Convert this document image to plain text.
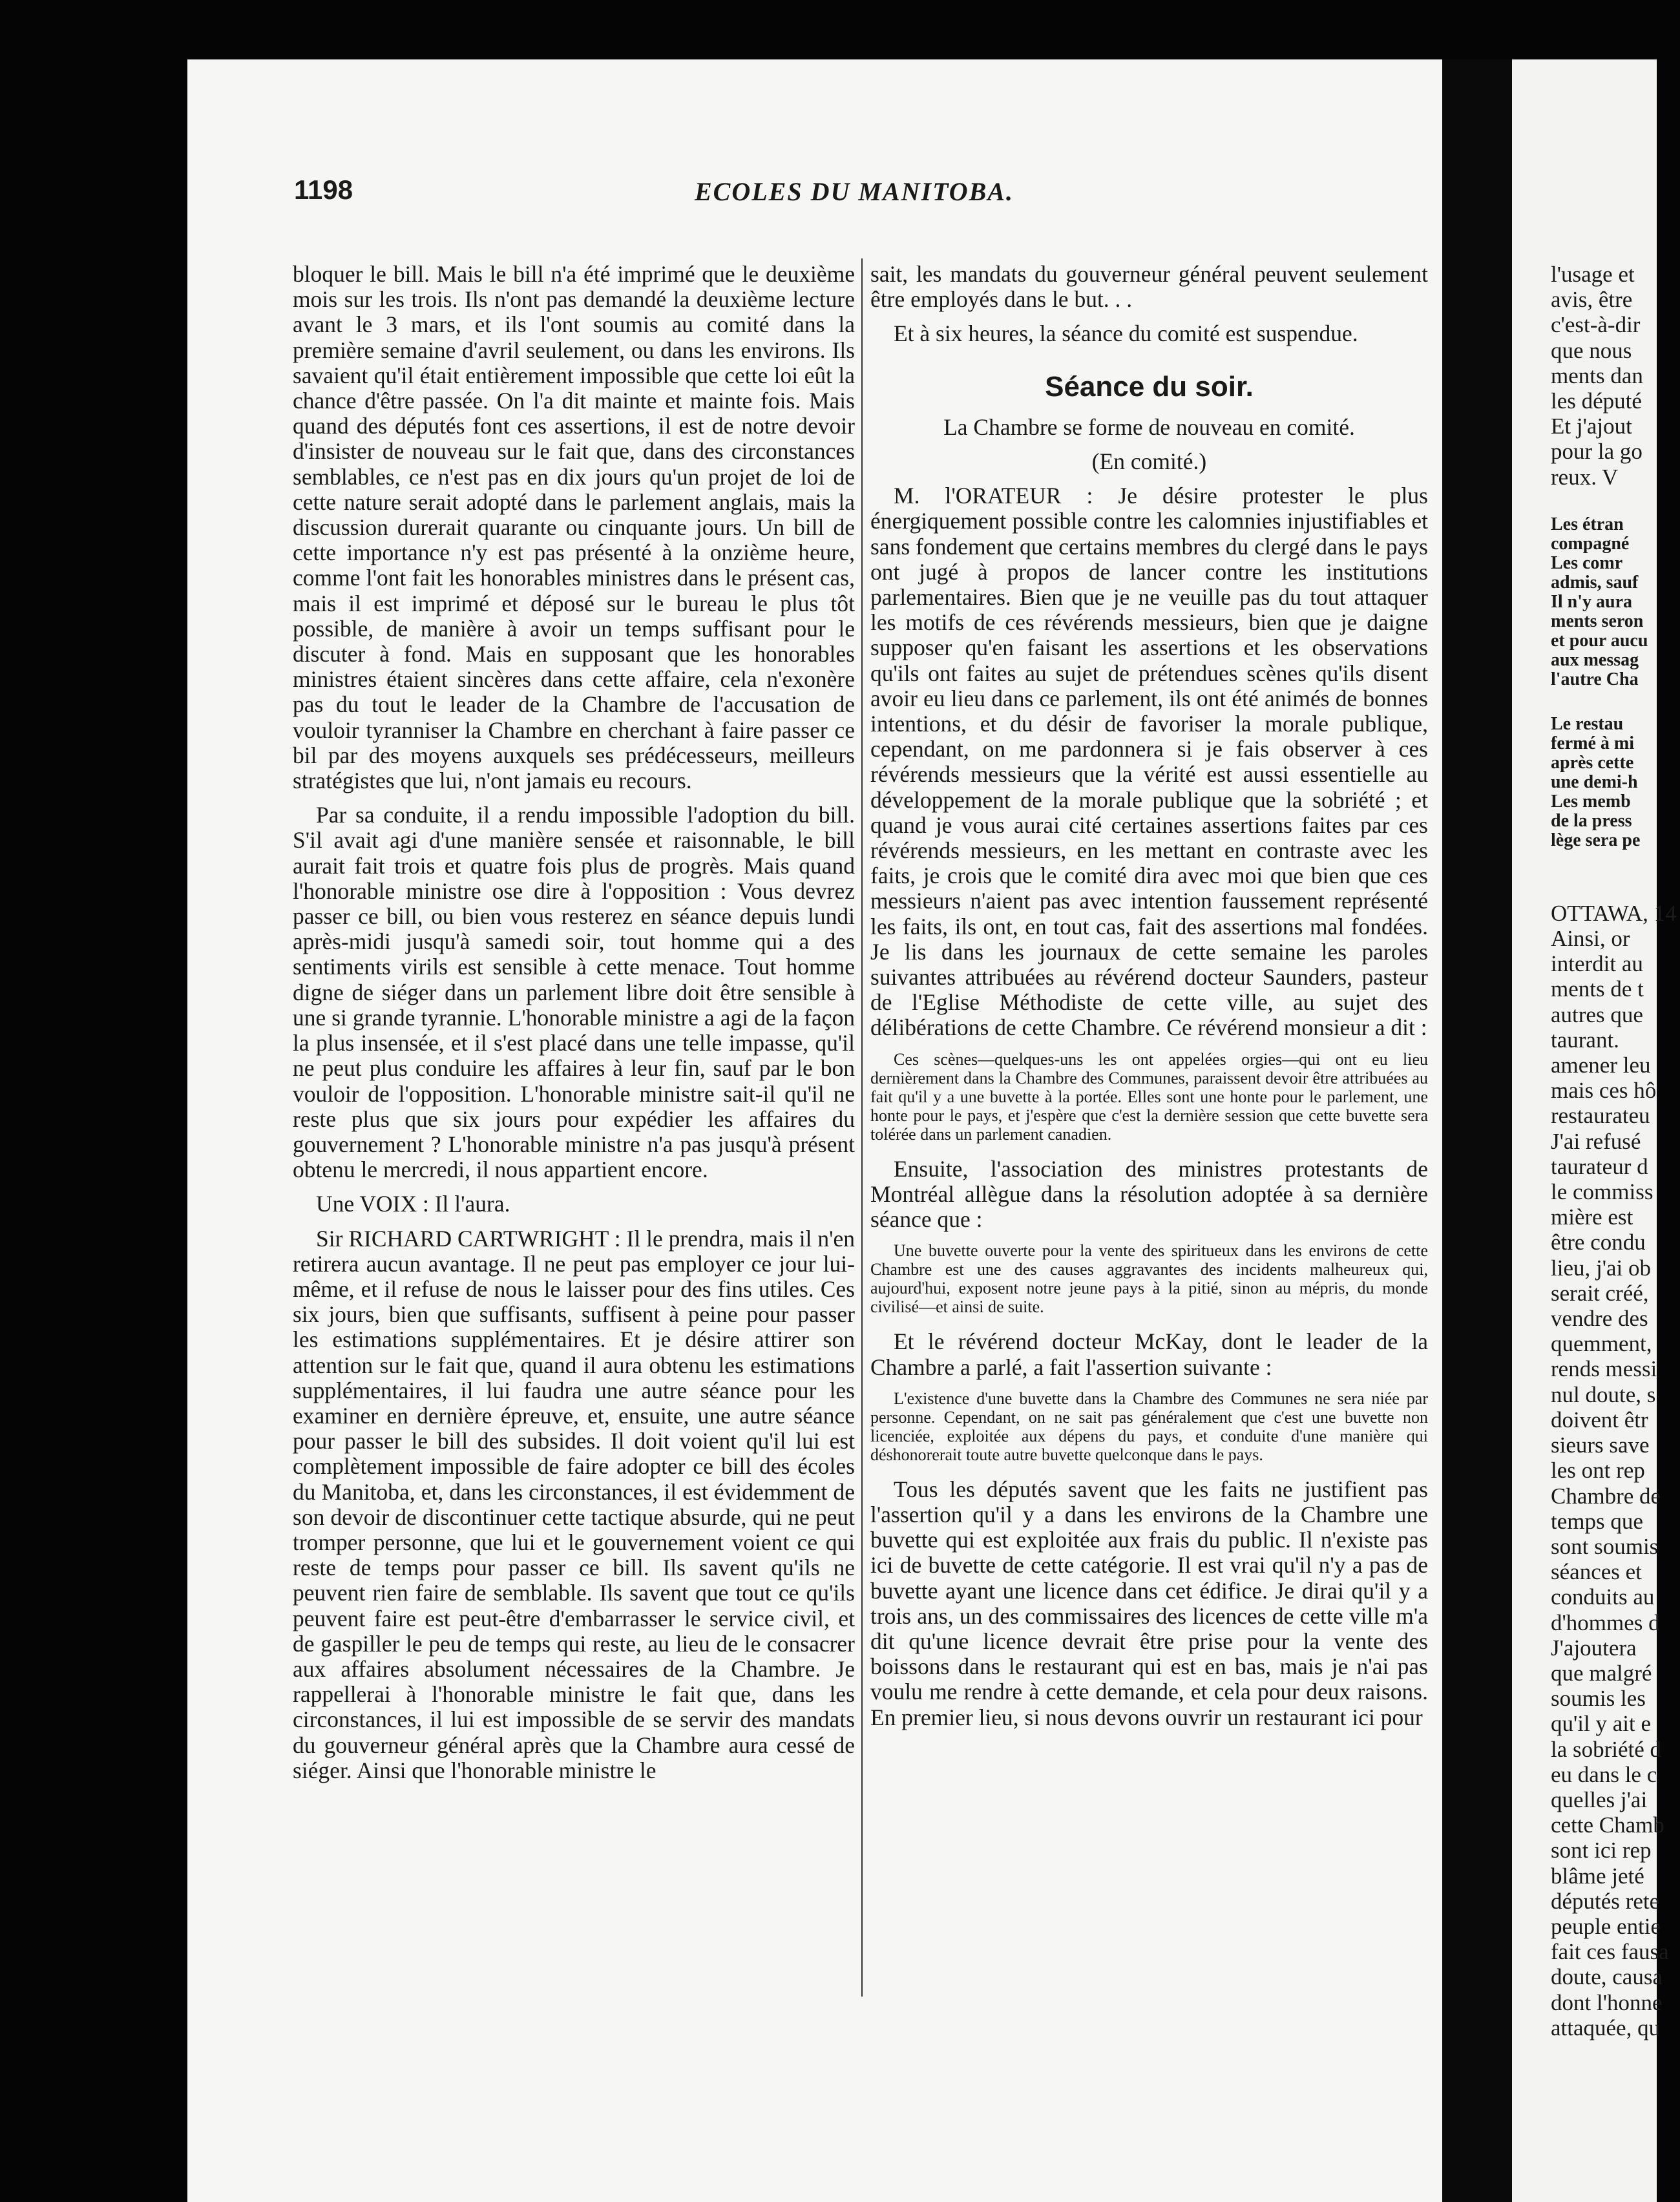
1198	ECOLES DU MANITOBA.

bloquer le bill. Mais le bill n'a été imprimé que le deuxième mois sur les trois. Ils n'ont pas demandé la deuxième lecture avant le 3 mars, et ils l'ont soumis au comité dans la première semaine d'avril seulement, ou dans les environs. Ils savaient qu'il était entièrement impossible que cette loi eût la chance d'être passée. On l'a dit mainte et mainte fois. Mais quand des députés font ces assertions, il est de notre devoir d'insister de nouveau sur le fait que, dans des circonstances semblables, ce n'est pas en dix jours qu'un projet de loi de cette nature serait adopté dans le parlement anglais, mais la discussion durerait quarante ou cinquante jours. Un bill de cette importance n'y est pas présenté à la onzième heure, comme l'ont fait les honorables ministres dans le présent cas, mais il est imprimé et déposé sur le bureau le plus tôt possible, de manière à avoir un temps suffisant pour le discuter à fond. Mais en supposant que les honorables ministres étaient sincères dans cette affaire, cela n'exonère pas du tout le leader de la Chambre de l'accusation de vouloir tyranniser la Chambre en cherchant à faire passer ce bil par des moyens auxquels ses prédécesseurs, meilleurs stratégistes que lui, n'ont jamais eu recours.

Par sa conduite, il a rendu impossible l'adoption du bill. S'il avait agi d'une manière sensée et raisonnable, le bill aurait fait trois et quatre fois plus de progrès. Mais quand l'honorable ministre ose dire à l'opposition : Vous devrez passer ce bill, ou bien vous resterez en séance depuis lundi après-midi jusqu'à samedi soir, tout homme qui a des sentiments virils est sensible à cette menace. Tout homme digne de siéger dans un parlement libre doit être sensible à une si grande tyrannie. L'honorable ministre a agi de la façon la plus insensée, et il s'est placé dans une telle impasse, qu'il ne peut plus conduire les affaires à leur fin, sauf par le bon vouloir de l'opposition. L'honorable ministre sait-il qu'il ne reste plus que six jours pour expédier les affaires du gouvernement ? L'honorable ministre n'a pas jusqu'à présent obtenu le mercredi, il nous appartient encore.

Une VOIX : Il l'aura.

Sir RICHARD CARTWRIGHT : Il le prendra, mais il n'en retirera aucun avantage. Il ne peut pas employer ce jour lui-même, et il refuse de nous le laisser pour des fins utiles. Ces six jours, bien que suffisants, suffisent à peine pour passer les estimations supplémentaires. Et je désire attirer son attention sur le fait que, quand il aura obtenu les estimations supplémentaires, il lui faudra une autre séance pour les examiner en dernière épreuve, et, ensuite, une autre séance pour passer le bill des subsides. Il doit voient qu'il lui est complètement impossible de faire adopter ce bill des écoles du Manitoba, et, dans les circonstances, il est évidemment de son devoir de discontinuer cette tactique absurde, qui ne peut tromper personne, que lui et le gouvernement voient ce qui reste de temps pour passer ce bill. Ils savent qu'ils ne peuvent rien faire de semblable. Ils savent que tout ce qu'ils peuvent faire est peut-être d'embarrasser le service civil, et de gaspiller le peu de temps qui reste, au lieu de le consacrer aux affaires absolument nécessaires de la Chambre. Je rappellerai à l'honorable ministre le fait que, dans les circonstances, il lui est impossible de se servir des mandats du gouverneur général après que la Chambre aura cessé de siéger. Ainsi que l'honorable ministre le

sait, les mandats du gouverneur général peuvent seulement être employés dans le but. . .

Et à six heures, la séance du comité est suspendue.

Séance du soir.

La Chambre se forme de nouveau en comité.

(En comité.)

M. l'ORATEUR : Je désire protester le plus énergiquement possible contre les calomnies injustifiables et sans fondement que certains membres du clergé dans le pays ont jugé à propos de lancer contre les institutions parlementaires. Bien que je ne veuille pas du tout attaquer les motifs de ces révérends messieurs, bien que je daigne supposer qu'en faisant les assertions et les observations qu'ils ont faites au sujet de prétendues scènes qu'ils disent avoir eu lieu dans ce parlement, ils ont été animés de bonnes intentions, et du désir de favoriser la morale publique, cependant, on me pardonnera si je fais observer à ces révérends messieurs que la vérité est aussi essentielle au développement de la morale publique que la sobriété ; et quand je vous aurai cité certaines assertions faites par ces révérends messieurs, en les mettant en contraste avec les faits, je crois que le comité dira avec moi que bien que ces messieurs n'aient pas avec intention faussement représenté les faits, ils ont, en tout cas, fait des assertions mal fondées. Je lis dans les journaux de cette semaine les paroles suivantes attribuées au révérend docteur Saunders, pasteur de l'Eglise Méthodiste de cette ville, au sujet des délibérations de cette Chambre. Ce révérend monsieur a dit :

Ces scènes—quelques-uns les ont appelées orgies—qui ont eu lieu dernièrement dans la Chambre des Communes, paraissent devoir être attribuées au fait qu'il y a une buvette à la portée. Elles sont une honte pour le parlement, une honte pour le pays, et j'espère que c'est la dernière session que cette buvette sera tolérée dans un parlement canadien.

Ensuite, l'association des ministres protestants de Montréal allègue dans la résolution adoptée à sa dernière séance que :

Une buvette ouverte pour la vente des spiritueux dans les environs de cette Chambre est une des causes aggravantes des incidents malheureux qui, aujourd'hui, exposent notre jeune pays à la pitié, sinon au mépris, du monde civilisé—et ainsi de suite.

Et le révérend docteur McKay, dont le leader de la Chambre a parlé, a fait l'assertion suivante :

L'existence d'une buvette dans la Chambre des Communes ne sera niée par personne. Cependant, on ne sait pas généralement que c'est une buvette non licenciée, exploitée aux dépens du pays, et conduite d'une manière qui déshonorerait toute autre buvette quelconque dans le pays.

Tous les députés savent que les faits ne justifient pas l'assertion qu'il y a dans les environs de la Chambre une buvette qui est exploitée aux frais du public. Il n'existe pas ici de buvette de cette catégorie. Il est vrai qu'il n'y a pas de buvette ayant une licence dans cet édifice. Je dirai qu'il y a trois ans, un des commissaires des licences de cette ville m'a dit qu'une licence devrait être prise pour la vente des boissons dans le restaurant qui est en bas, mais je n'ai pas voulu me rendre à cette demande, et cela pour deux raisons. En premier lieu, si nous devons ouvrir un restaurant ici pour

l'usage et
avis, être
c'est-à-dir
que nous
ments dan
les député
Et j'ajout
pour la go
reux. V
Les étran
compagné
Les comr
admis, sauf
Il n'y aura
ments seron
et pour aucu
aux messag
l'autre Cha
Le restau
fermé à mi
après cette
une demi-h
Les memb
de la press
lège sera pe
OTTAWA, 14
Ainsi, or
interdit au
ments de t
autres que
taurant.
amener leu
mais ces hô
restaurateu
J'ai refusé
taurateur d
le commiss
mière est
être condu
lieu, j'ai ob
serait créé,
vendre des
quemment,
rends messi
nul doute, s
doivent êtr
sieurs save
les ont rep
Chambre de
temps que
sont soumis
séances et
conduits au
d'hommes d
J'ajoutera
que malgré
soumis les
qu'il y ait e
la sobriété d
eu dans le c
quelles j'ai
cette Chamb
sont ici rep
blâme jeté
députés rete
peuple entie
fait ces fausa
doute, causa
dont l'honne
attaquée, qu
